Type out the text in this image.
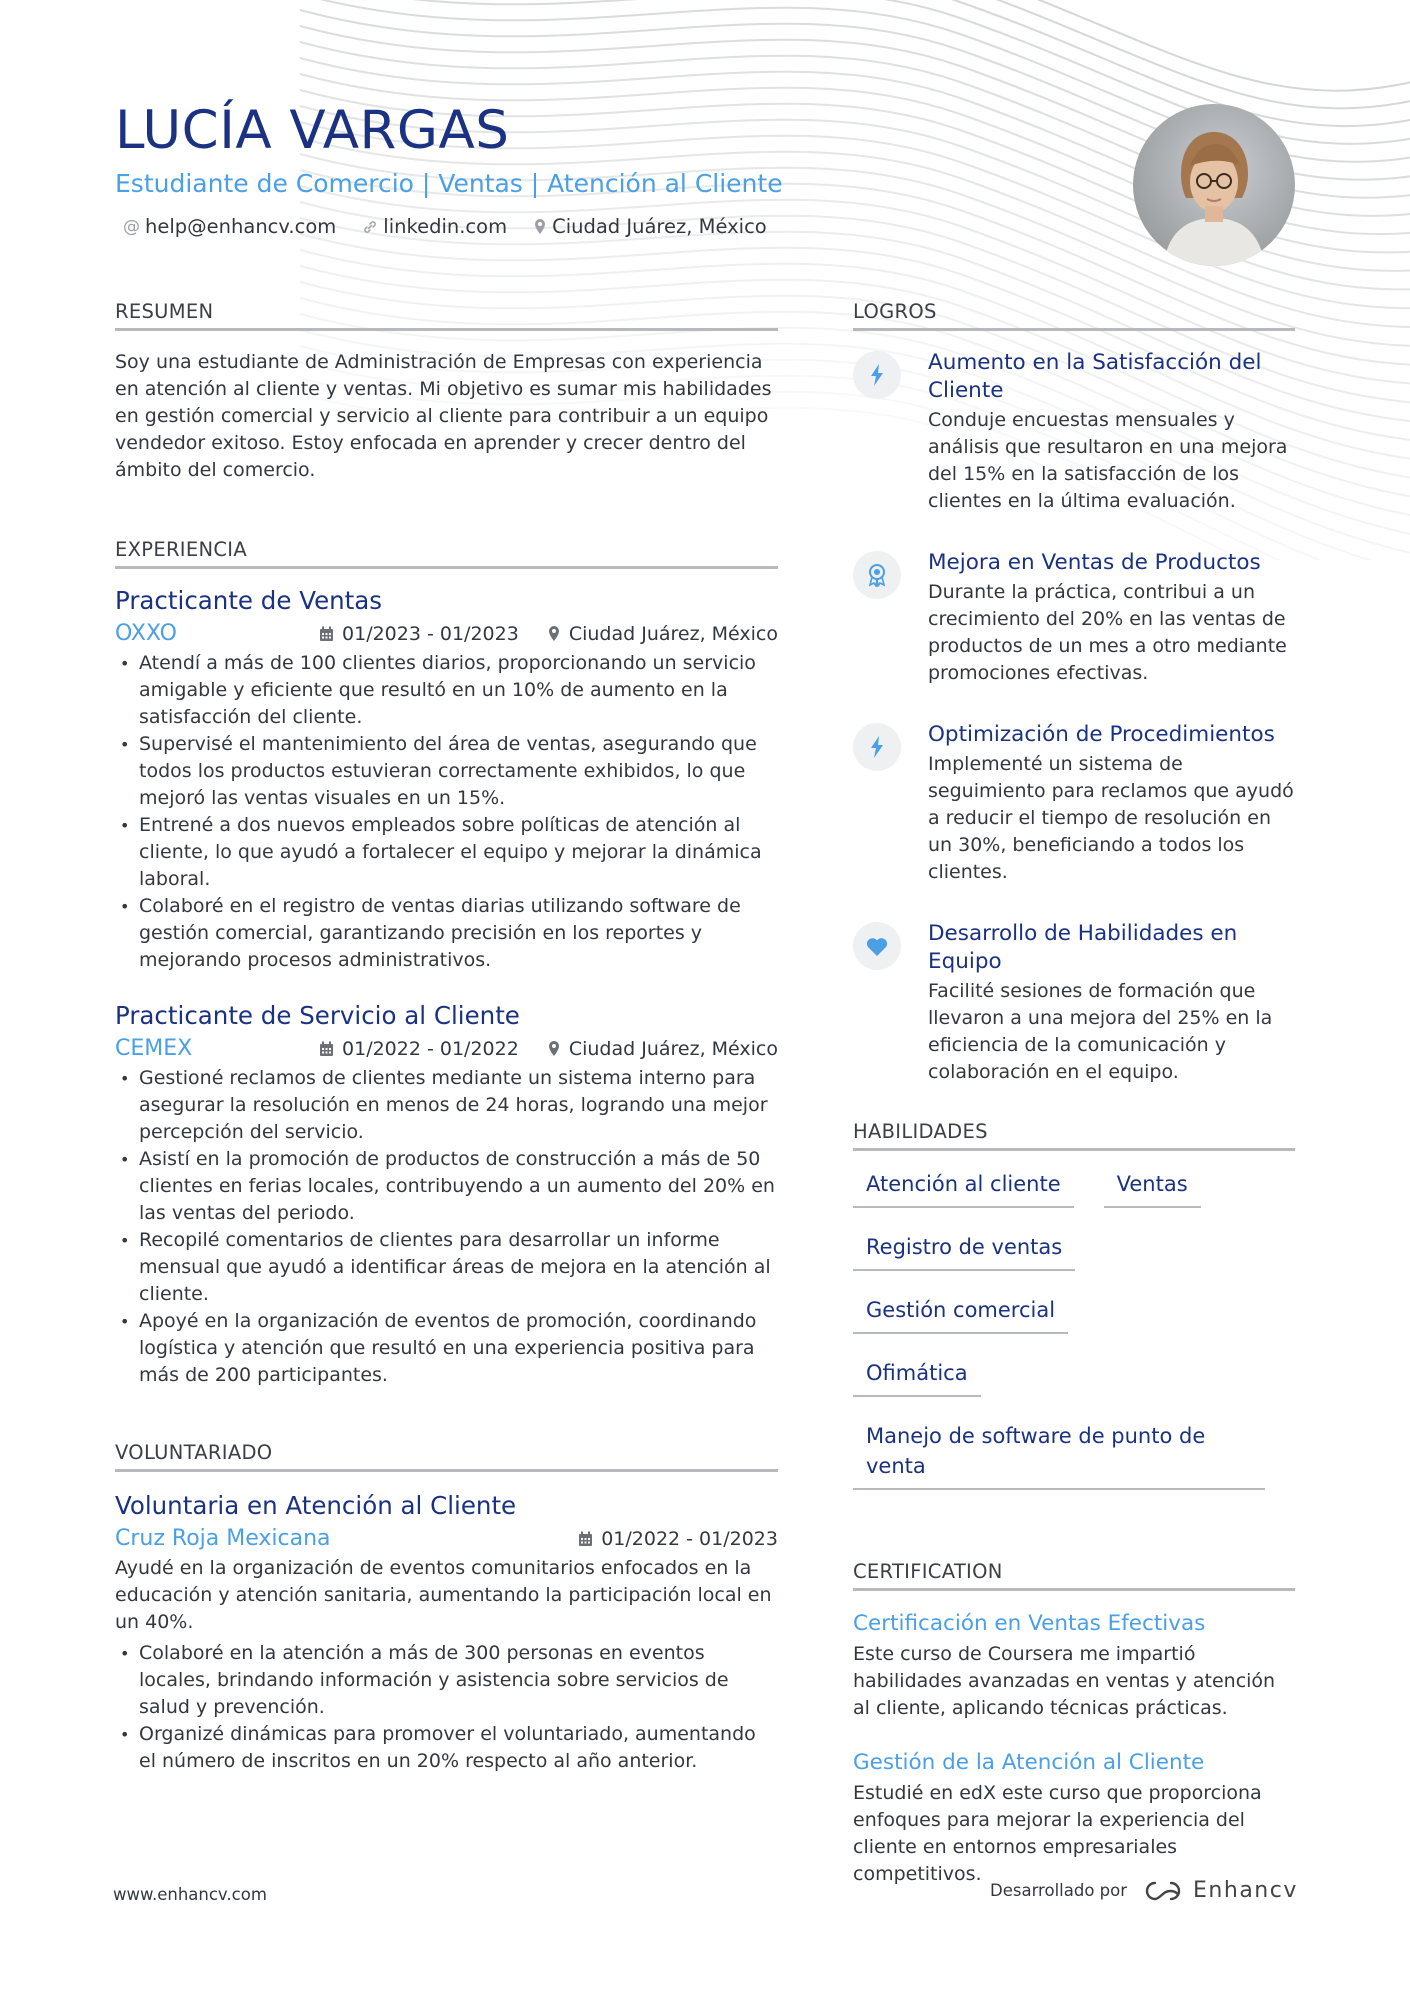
LUCÍA VARGAS
Estudiante de Comercio | Ventas | Atención al Cliente
@ help@enhancv.com linkedin.com Ciudad Juárez, México
RESUMEN

Soy una estudiante de Administración de Empresas con experiencia en atención al cliente y ventas. Mi objetivo es sumar mis habilidades en gestión comercial y servicio al cliente para contribuir a un equipo vendedor exitoso. Estoy enfocada en aprender y crecer dentro del ámbito del comercio.

EXPERIENCIA
Practicante de Ventas
OXXO	01/2023 - 01/2023	Ciudad Juárez, México
• Atendí a más de 100 clientes diarios, proporcionando un servicio amigable y eficiente que resultó en un 10% de aumento en la satisfacción del cliente.
• Supervisé el mantenimiento del área de ventas, asegurando que todos los productos estuvieran correctamente exhibidos, lo que mejoró las ventas visuales en un 15%.
• Entrené a dos nuevos empleados sobre políticas de atención al cliente, lo que ayudó a fortalecer el equipo y mejorar la dinámica laboral.
• Colaboré en el registro de ventas diarias utilizando software de gestión comercial, garantizando precisión en los reportes y mejorando procesos administrativos.
Practicante de Servicio al Cliente
CEMEX	01/2022 - 01/2022	Ciudad Juárez, México
• Gestioné reclamos de clientes mediante un sistema interno para asegurar la resolución en menos de 24 horas, logrando una mejor percepción del servicio.
• Asistí en la promoción de productos de construcción a más de 50 clientes en ferias locales, contribuyendo a un aumento del 20% en las ventas del periodo.
• Recopilé comentarios de clientes para desarrollar un informe mensual que ayudó a identificar áreas de mejora en la atención al cliente.
• Apoyé en la organización de eventos de promoción, coordinando logística y atención que resultó en una experiencia positiva para más de 200 participantes.
VOLUNTARIADO
Voluntaria en Atención al Cliente
Cruz Roja Mexicana	01/2022 - 01/2023

Ayudé en la organización de eventos comunitarios enfocados en la educación y atención sanitaria, aumentando la participación local en un 40%.

• Colaboré en la atención a más de 300 personas en eventos locales, brindando información y asistencia sobre servicios de salud y prevención.
• Organizé dinámicas para promover el voluntariado, aumentando el número de inscritos en un 20% respecto al año anterior.
LOGROS
Aumento en la Satisfacción del Cliente
Conduje encuestas mensuales y análisis que resultaron en una mejora del 15% en la satisfacción de los clientes en la última evaluación.
Mejora en Ventas de Productos
Durante la práctica, contribui a un crecimiento del 20% en las ventas de productos de un mes a otro mediante promociones efectivas.
Optimización de Procedimientos
Implementé un sistema de seguimiento para reclamos que ayudó a reducir el tiempo de resolución en un 30%, beneficiando a todos los clientes.
Desarrollo de Habilidades en Equipo
Facilité sesiones de formación que llevaron a una mejora del 25% en la eficiencia de la comunicación y colaboración en el equipo.
HABILIDADES
Atención al cliente	Ventas
Registro de ventas
Gestión comercial
Ofimática
Manejo de software de punto de venta
CERTIFICATION
Certificación en Ventas Efectivas
Este curso de Coursera me impartió habilidades avanzadas en ventas y atención al cliente, aplicando técnicas prácticas.
Gestión de la Atención al Cliente
Estudié en edX este curso que proporciona enfoques para mejorar la experiencia del cliente en entornos empresariales competitivos.
www.enhancv.com	Desarrollado por	Enhancv
